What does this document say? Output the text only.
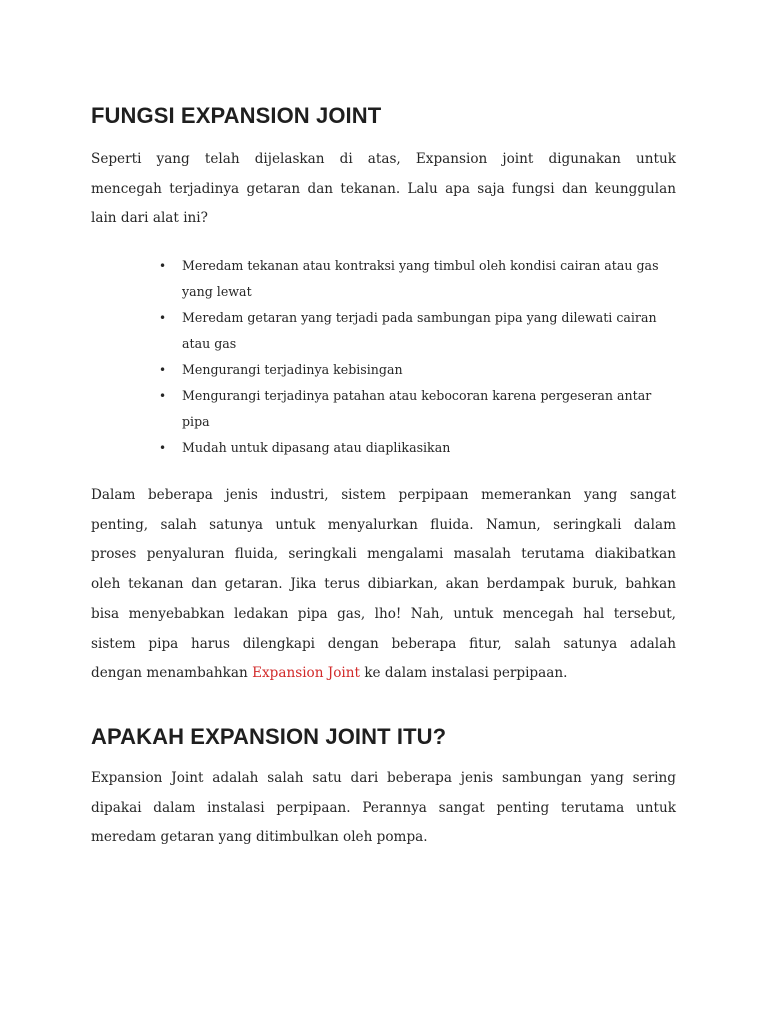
FUNGSI EXPANSION JOINT

Seperti yang telah dijelaskan di atas, Expansion joint digunakan untuk
mencegah terjadinya getaran dan tekanan. Lalu apa saja fungsi dan keunggulan
lain dari alat ini?

• Meredam tekanan atau kontraksi yang timbul oleh kondisi cairan atau gas yang lewat
• Meredam getaran yang terjadi pada sambungan pipa yang dilewati cairan atau gas
• Mengurangi terjadinya kebisingan
• Mengurangi terjadinya patahan atau kebocoran karena pergeseran antar pipa
• Mudah untuk dipasang atau diaplikasikan

Dalam beberapa jenis industri, sistem perpipaan memerankan yang sangat
penting, salah satunya untuk menyalurkan fluida. Namun, seringkali dalam
proses penyaluran fluida, seringkali mengalami masalah terutama diakibatkan
oleh tekanan dan getaran. Jika terus dibiarkan, akan berdampak buruk, bahkan
bisa menyebabkan ledakan pipa gas, lho! Nah, untuk mencegah hal tersebut,
sistem pipa harus dilengkapi dengan beberapa fitur, salah satunya adalah
dengan menambahkan Expansion Joint ke dalam instalasi perpipaan.

APAKAH EXPANSION JOINT ITU?

Expansion Joint adalah salah satu dari beberapa jenis sambungan yang sering
dipakai dalam instalasi perpipaan. Perannya sangat penting terutama untuk
meredam getaran yang ditimbulkan oleh pompa.
